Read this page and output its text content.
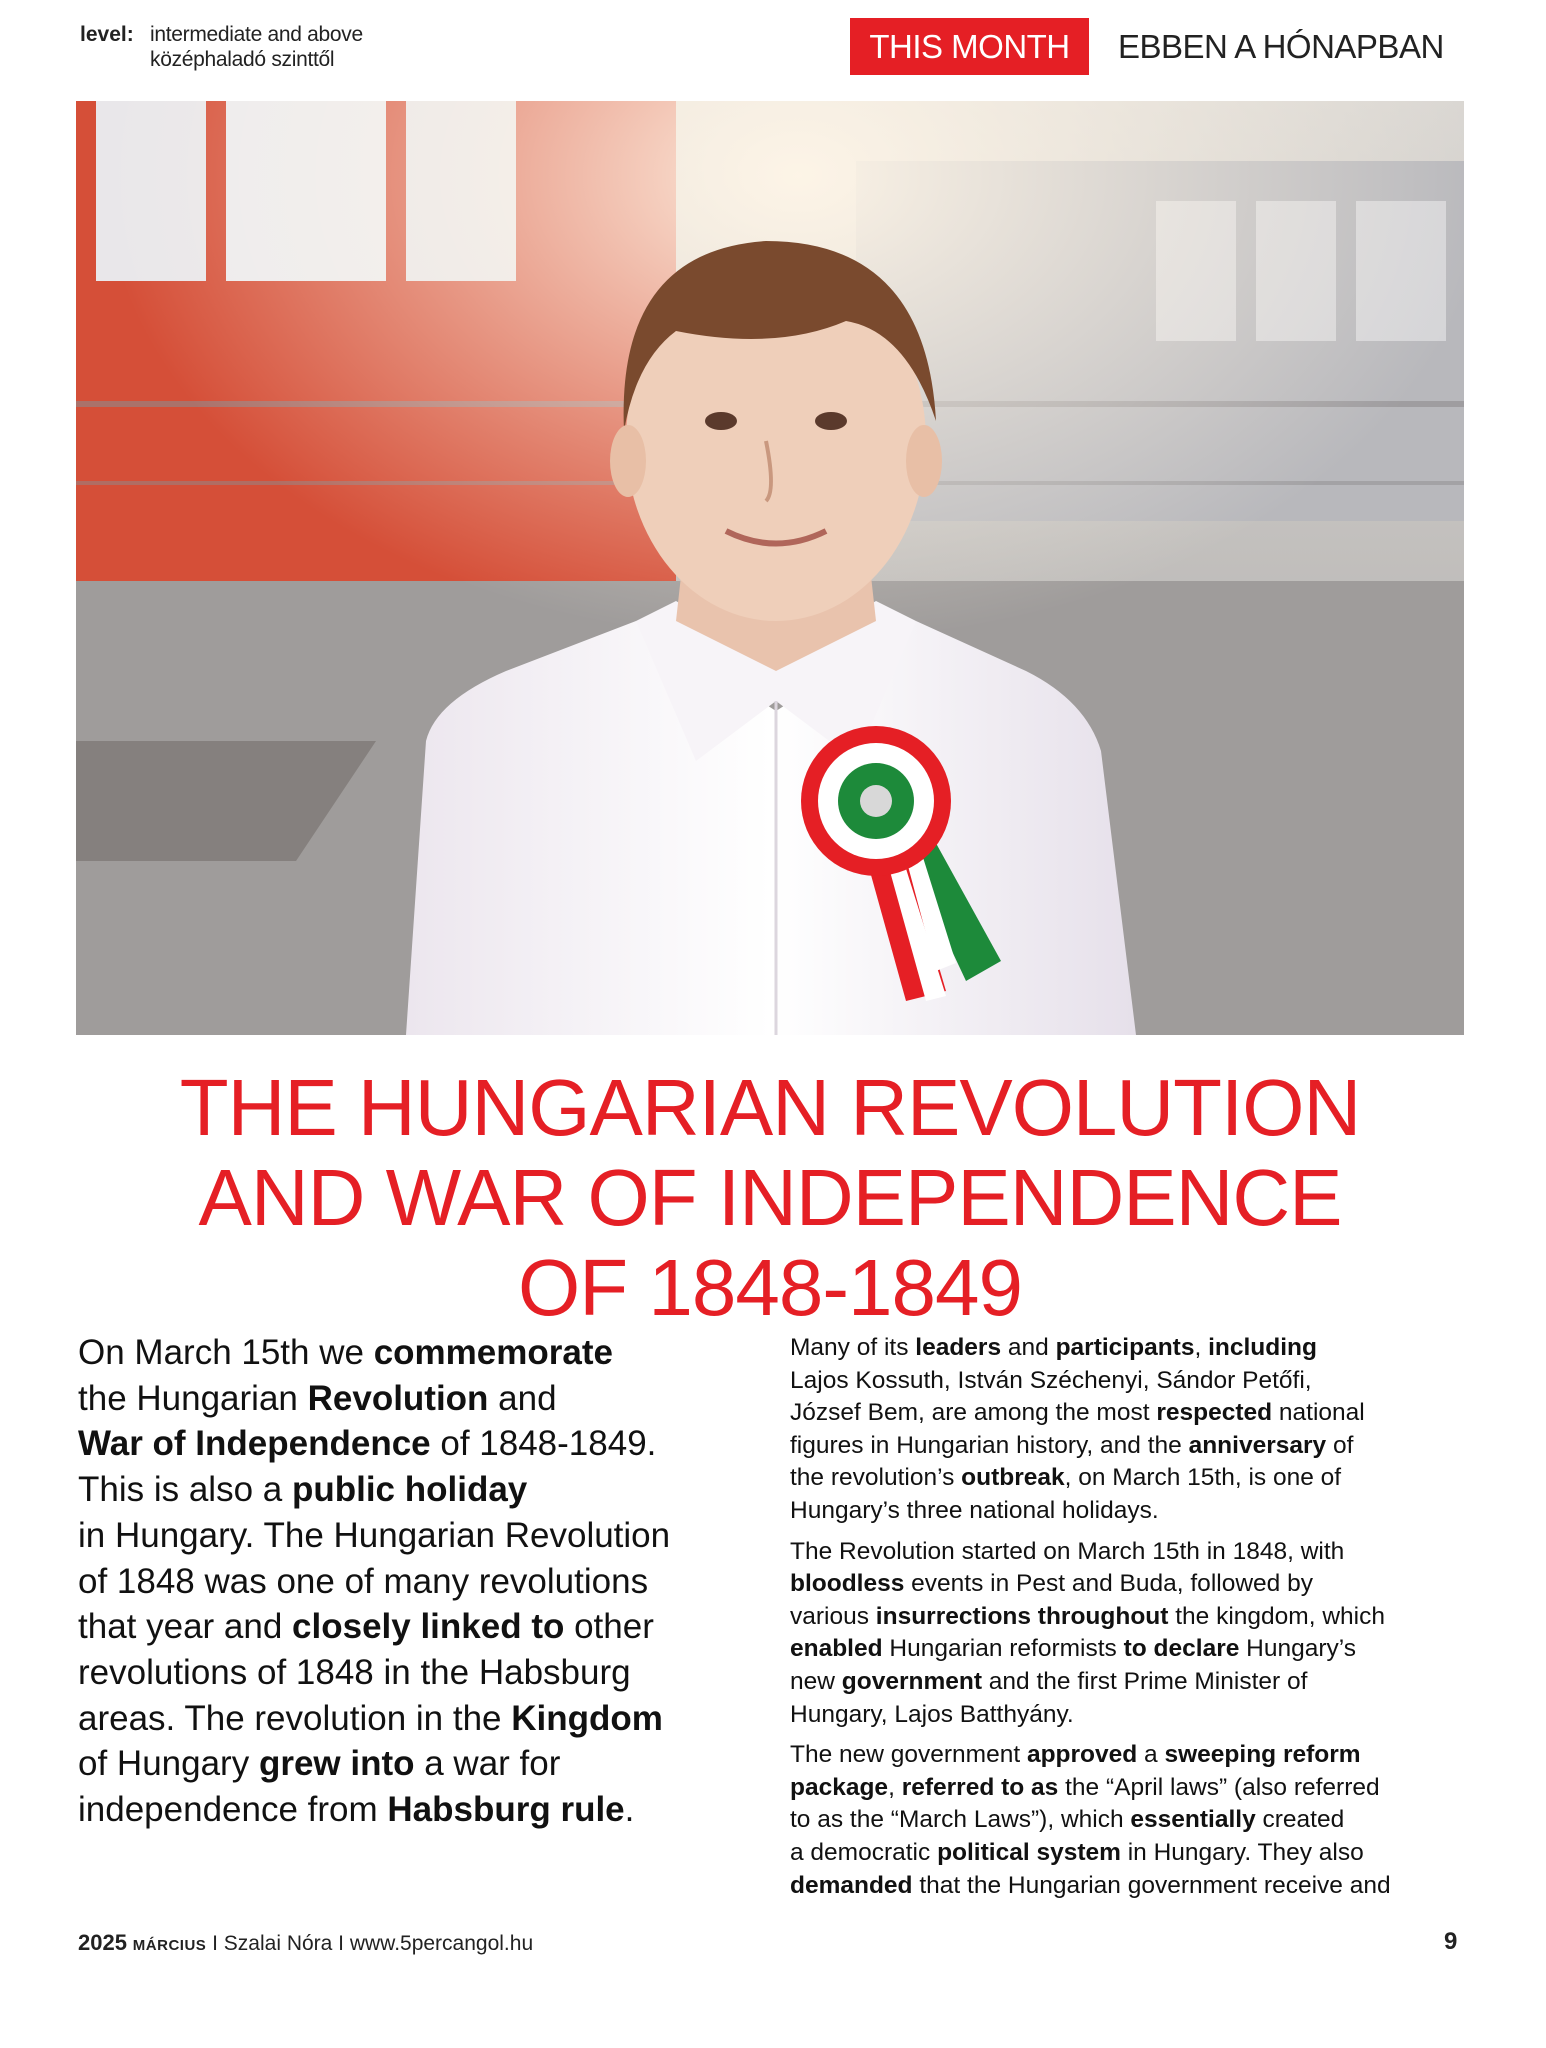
level: intermediate and above
középhaladó szinttől	THIS MONTH	EBBEN A HÓNAPBAN
THE HUNGARIAN REVOLUTION
AND WAR OF INDEPENDENCE
OF 1848-1849
On March 15th we commemorate
the Hungarian Revolution and
War of Independence of 1848-1849.
This is also a public holiday
in Hungary. The Hungarian Revolution
of 1848 was one of many revolutions
that year and closely linked to other
revolutions of 1848 in the Habsburg
areas. The revolution in the Kingdom
of Hungary grew into a war for
independence from Habsburg rule.
Many of its leaders and participants, including
Lajos Kossuth, István Széchenyi, Sándor Petőfi,
József Bem, are among the most respected national
figures in Hungarian history, and the anniversary of
the revolution’s outbreak, on March 15th, is one of
Hungary’s three national holidays.
The Revolution started on March 15th in 1848, with
bloodless events in Pest and Buda, followed by
various insurrections throughout the kingdom, which
enabled Hungarian reformists to declare Hungary’s
new government and the first Prime Minister of
Hungary, Lajos Batthyány.
The new government approved a sweeping reform
package, referred to as the “April laws” (also referred
to as the “March Laws”), which essentially created
a democratic political system in Hungary. They also
demanded that the Hungarian government receive and
2025 MÁRCIUS I Szalai Nóra I www.5percangol.hu	9
